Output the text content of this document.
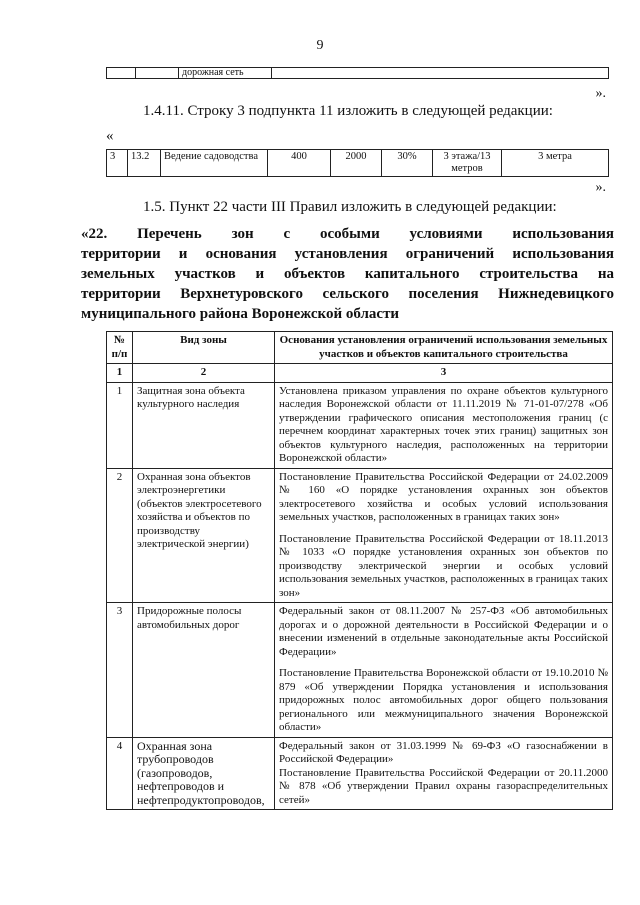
9
		дорожная сеть	
».
1.4.11. Строку 3 подпункта 11 изложить в следующей редакции:
«
3	13.2	Ведение садоводства	400	2000	30%	3 этажа/13 метров	3 метра
».
1.5. Пункт 22 части III Правил изложить в следующей редакции:
«22. Перечень зон с особыми условиями использования
территории и основания установления ограничений использования
земельных участков и объектов капитального строительства на
территории Верхнетуровского сельского поселения Нижнедевицкого
муниципального района Воронежской области
№ п/п	Вид зоны	Основания установления ограничений использования земельных участков и объектов капитального строительства
1	2	3
1	Защитная зона объекта культурного наследия	Установлена приказом управления по охране объектов культурного наследия Воронежской области от 11.11.2019 № 71-01-07/278 «Об утверждении графического описания местоположения границ (с перечнем координат характерных точек этих границ) защитных зон объектов культурного наследия, расположенных на территории Воронежской области»

2	Охранная зона объектов электроэнергетики (объектов электросетевого хозяйства и объектов по производству электрической энергии)	Постановление Правительства Российской Федерации от 24.02.2009 № 160 «О порядке установления охранных зон объектов электросетевого хозяйства и особых условий использования земельных участков, расположенных в границах таких зон»
Постановление Правительства Российской Федерации от 18.11.2013 № 1033 «О порядке установления охранных зон объектов по производству электрической энергии и особых условий использования земельных участков, расположенных в границах таких зон»

3	Придорожные полосы автомобильных дорог	Федеральный закон от 08.11.2007 № 257-ФЗ «Об автомобильных дорогах и о дорожной деятельности в Российской Федерации и о внесении изменений в отдельные законодательные акты Российской Федерации»
Постановление Правительства Воронежской области от 19.10.2010 № 879 «Об утверждении Порядка установления и использования придорожных полос автомобильных дорог общего пользования регионального или межмуниципального значения Воронежской области»

4	Охранная зона трубопроводов (газопроводов, нефтепроводов и нефтепродуктопроводов,	Федеральный закон от 31.03.1999 № 69-ФЗ «О газоснабжении в Российской Федерации»
Постановление Правительства Российской Федерации от 20.11.2000 № 878 «Об утверждении Правил охраны газораспределительных сетей»
